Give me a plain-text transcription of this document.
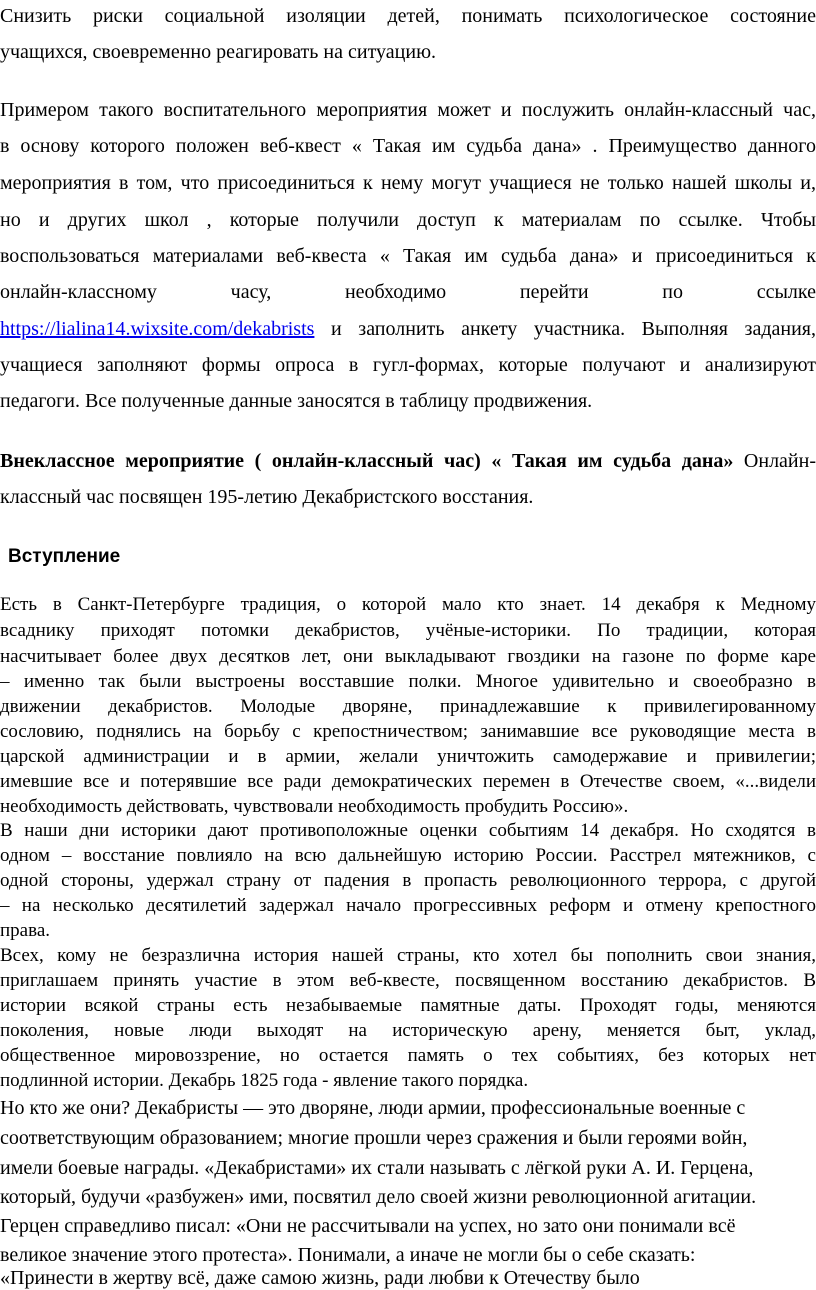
Снизить риски социальной изоляции детей, понимать психологическое состояние
учащихся, своевременно реагировать на ситуацию.
Примером такого воспитательного мероприятия может и послужить онлайн-классный час,
в основу которого положен веб-квест « Такая им судьба дана» . Преимущество данного
мероприятия в том, что присоединиться к нему могут учащиеся не только нашей школы и,
но и других школ , которые получили доступ к материалам по ссылке. Чтобы
воспользоваться материалами веб-квеста « Такая им судьба дана» и присоединиться к
онлайн-классному часу, необходимо перейти по ссылке
https://lialina14.wixsite.com/dekabrists и заполнить анкету участника. Выполняя задания,
учащиеся заполняют формы опроса в гугл-формах, которые получают и анализируют
педагоги. Все полученные данные заносятся в таблицу продвижения.
Внеклассное мероприятие ( онлайн-классный час) « Такая им судьба дана» Онлайн-
классный час посвящен 195-летию Декабристского восстания.
Вступление
Есть в Санкт-Петербурге традиция, о которой мало кто знает. 14 декабря к Медному
всаднику приходят потомки декабристов, учёные-историки. По традиции, которая
насчитывает более двух десятков лет, они выкладывают гвоздики на газоне по форме каре
– именно так были выстроены восставшие полки. Многое удивительно и своеобразно в
движении декабристов. Молодые дворяне, принадлежавшие к привилегированному
сословию, поднялись на борьбу с крепостничеством; занимавшие все руководящие места в
царской администрации и в армии, желали уничтожить самодержавие и привилегии;
имевшие все и потерявшие все ради демократических перемен в Отечестве своем, «...видели
необходимость действовать, чувствовали необходимость пробудить Россию».
В наши дни историки дают противоположные оценки событиям 14 декабря. Но сходятся в
одном – восстание повлияло на всю дальнейшую историю России. Расстрел мятежников, с
одной стороны, удержал страну от падения в пропасть революционного террора, с другой
– на несколько десятилетий задержал начало прогрессивных реформ и отмену крепостного
права.
Всех, кому не безразлична история нашей страны, кто хотел бы пополнить свои знания,
приглашаем принять участие в этом веб-квесте, посвященном восстанию декабристов. В
истории всякой страны есть незабываемые памятные даты. Проходят годы, меняются
поколения, новые люди выходят на историческую арену, меняется быт, уклад,
общественное мировоззрение, но остается память о тех событиях, без которых нет
подлинной истории. Декабрь 1825 года - явление такого порядка.
Но кто же они? Декабристы — это дворяне, люди армии, профессиональные военные с
соответствующим образованием; многие прошли через сражения и были героями войн,
имели боевые награды. «Декабристами» их стали называть с лёгкой руки А. И. Герцена,
который, будучи «разбужен» ими, посвятил дело своей жизни революционной агитации.
Герцен справедливо писал: «Они не рассчитывали на успех, но зато они понимали всё
великое значение этого протеста». Понимали, а иначе не могли бы о себе сказать:
«Принести в жертву всё, даже самою жизнь, ради любви к Отечеству было
